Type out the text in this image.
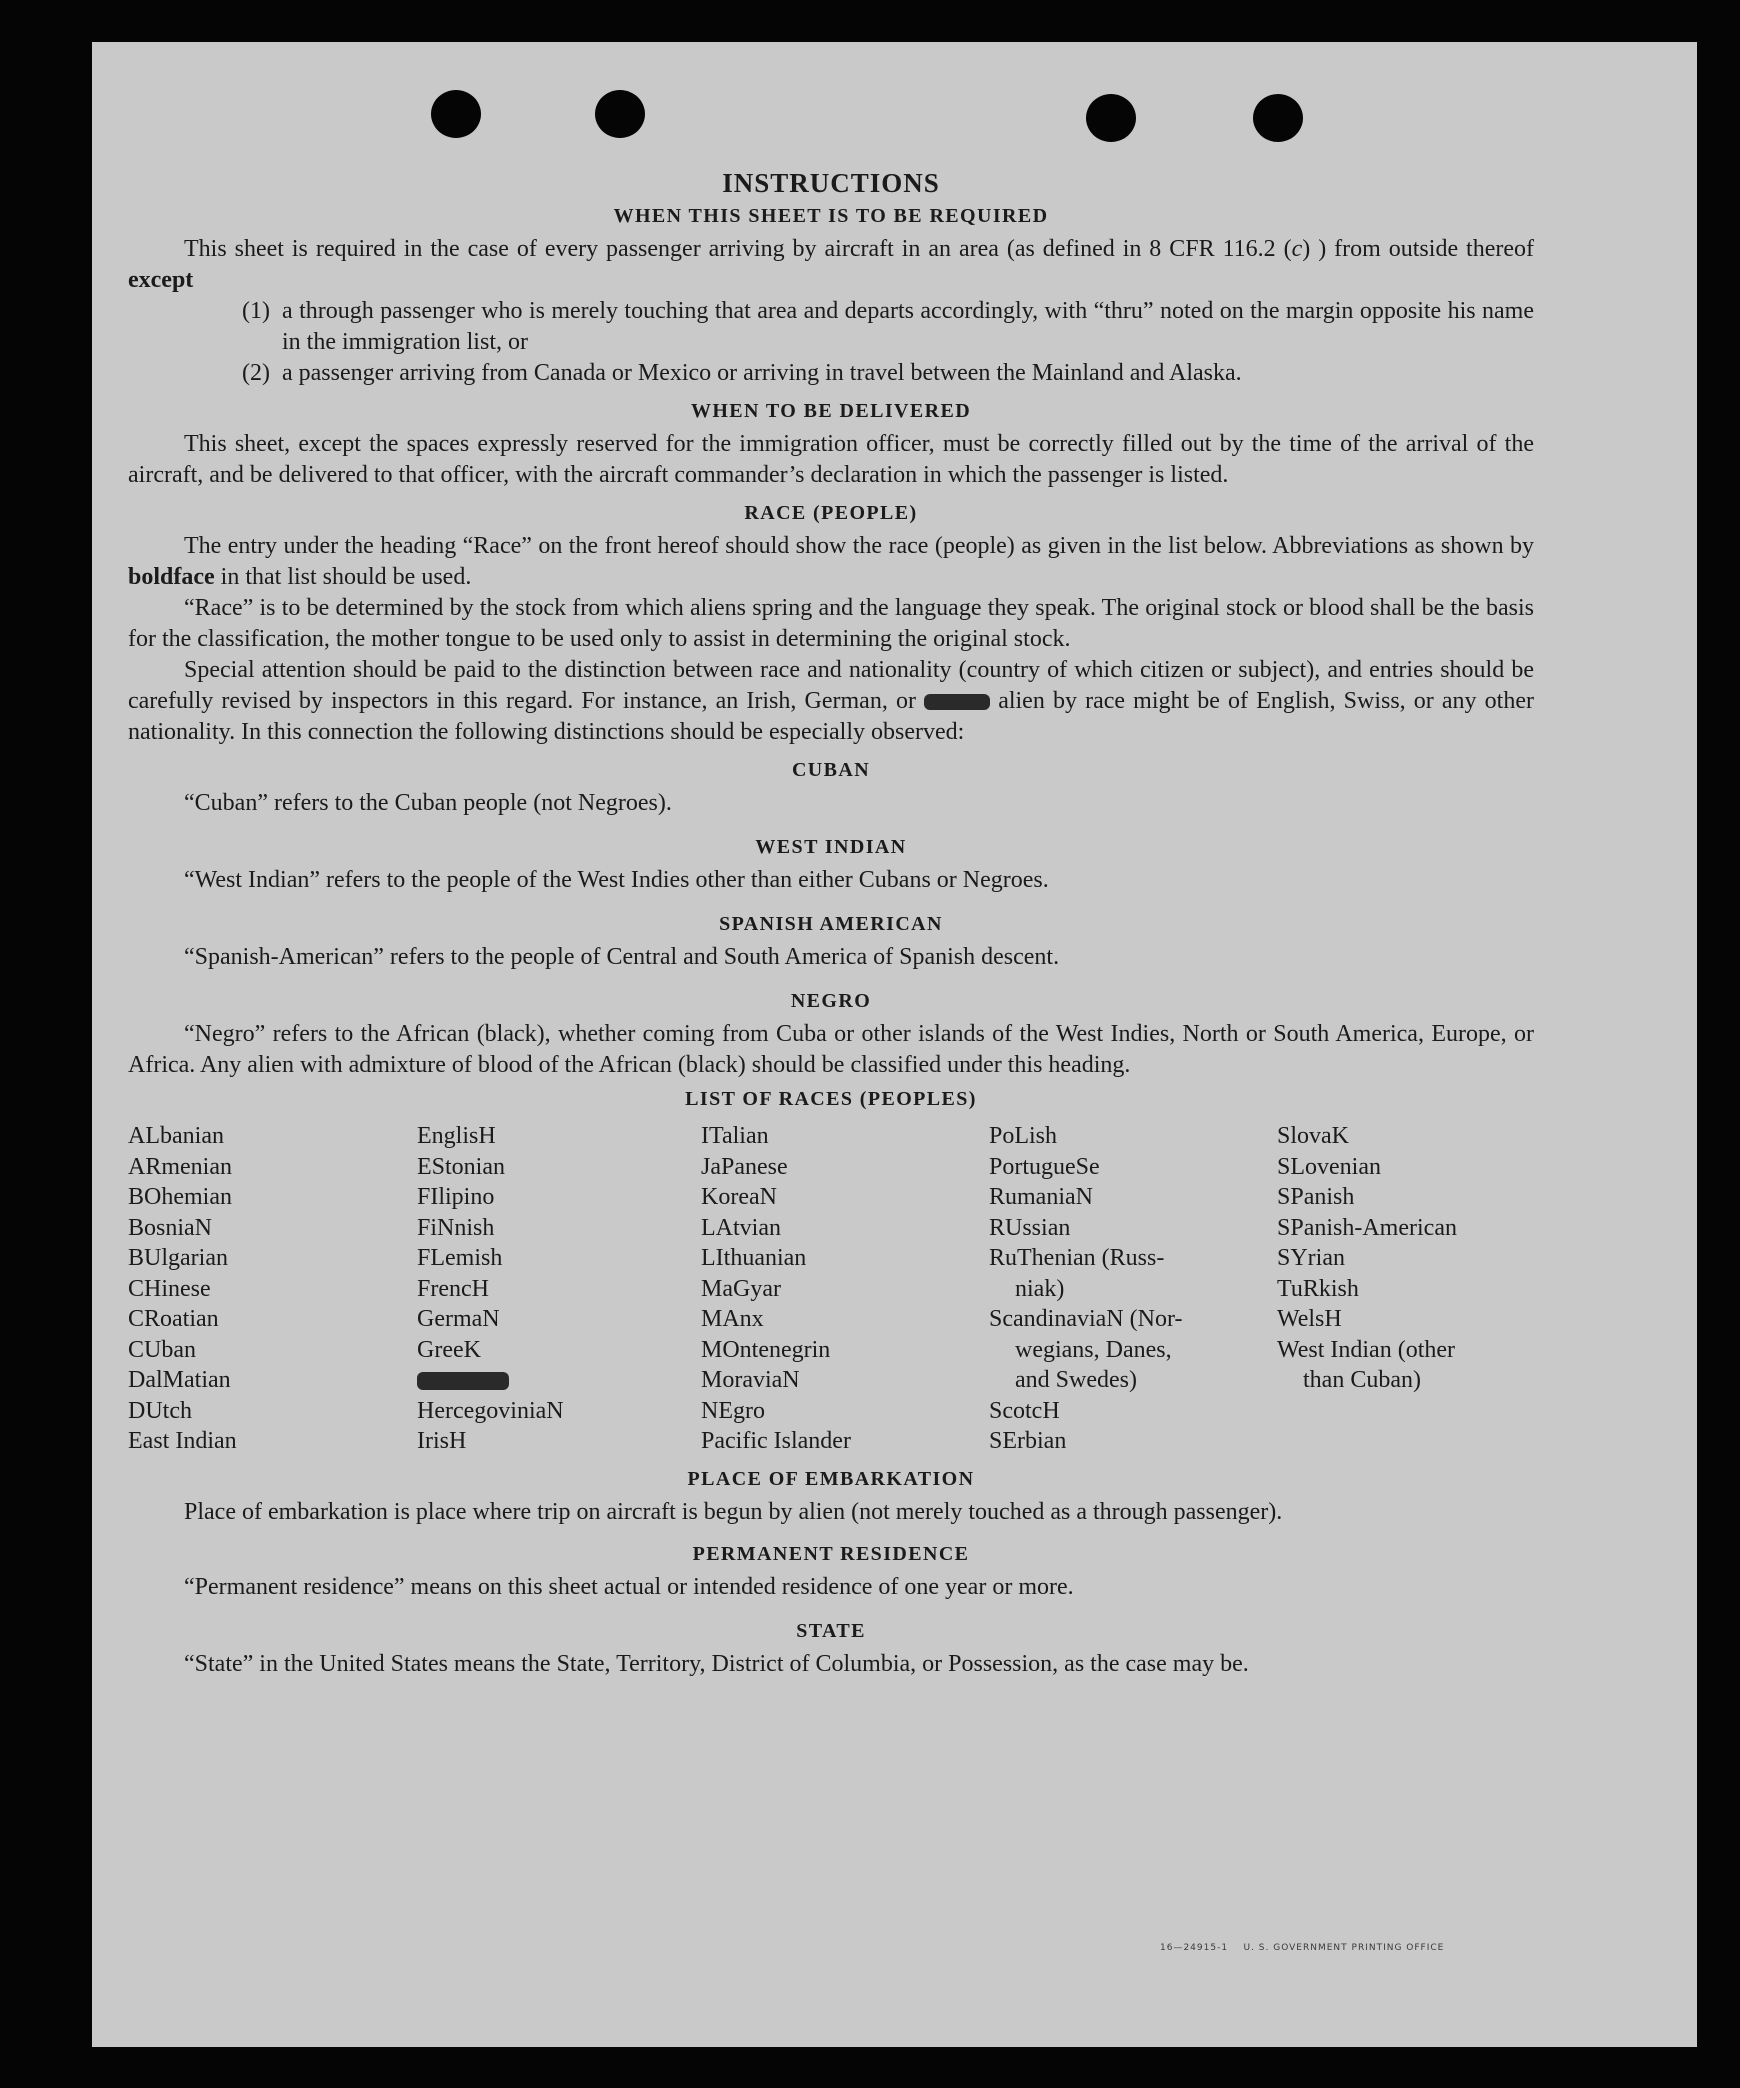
INSTRUCTIONS
WHEN THIS SHEET IS TO BE REQUIRED

This sheet is required in the case of every passenger arriving by aircraft in an area (as defined in 8 CFR 116.2 (c) ) from outside thereof except

(1) a through passenger who is merely touching that area and departs accordingly, with “thru” noted on the margin opposite his name in the immigration list, or
(2) a passenger arriving from Canada or Mexico or arriving in travel between the Mainland and Alaska.
WHEN TO BE DELIVERED

This sheet, except the spaces expressly reserved for the immigration officer, must be correctly filled out by the time of the arrival of the aircraft, and be delivered to that officer, with the aircraft commander’s declaration in which the passenger is listed.

RACE (PEOPLE)

The entry under the heading “Race” on the front hereof should show the race (people) as given in the list below. Abbreviations as shown by boldface in that list should be used.

“Race” is to be determined by the stock from which aliens spring and the language they speak. The original stock or blood shall be the basis for the classification, the mother tongue to be used only to assist in determining the original stock.

Special attention should be paid to the distinction between race and nationality (country of which citizen or subject), and entries should be carefully revised by inspectors in this regard. For instance, an Irish, German, or	alien by race might be of English, Swiss, or any other nationality. In this connection the following distinctions should be especially observed:

CUBAN

“Cuban” refers to the Cuban people (not Negroes).

WEST INDIAN

“West Indian” refers to the people of the West Indies other than either Cubans or Negroes.

SPANISH AMERICAN

“Spanish-American” refers to the people of Central and South America of Spanish descent.

NEGRO

“Negro” refers to the African (black), whether coming from Cuba or other islands of the West Indies, North or South America, Europe, or Africa. Any alien with admixture of blood of the African (black) should be classified under this heading.

LIST OF RACES (PEOPLES)
ALbanian
ARmenian
BOhemian
BosniaN
BUlgarian
CHinese
CRoatian
CUban
DalMatian
DUtch
East Indian
EnglisH
EStonian
FIlipino
FiNnish
FLemish
FrencH
GermaN
GreeK
HercegoviniaN
IrisH
ITalian
JaPanese
KoreaN
LAtvian
LIthuanian
MaGyar
MAnx
MOntenegrin
MoraviaN
NEgro
Pacific Islander
PoLish
PortugueSe
RumaniaN
RUssian
RuThenian (Russ-
niak)
ScandinaviaN (Nor-
wegians, Danes,
and Swedes)
ScotcH
SErbian
SlovaK
SLovenian
SPanish
SPanish-American
SYrian
TuRkish
WelsH
West Indian (other
than Cuban)
PLACE OF EMBARKATION

Place of embarkation is place where trip on aircraft is begun by alien (not merely touched as a through passenger).

PERMANENT RESIDENCE

“Permanent residence” means on this sheet actual or intended residence of one year or more.

STATE

“State” in the United States means the State, Territory, District of Columbia, or Possession, as the case may be.

16—24915-1    U. S. GOVERNMENT PRINTING OFFICE
